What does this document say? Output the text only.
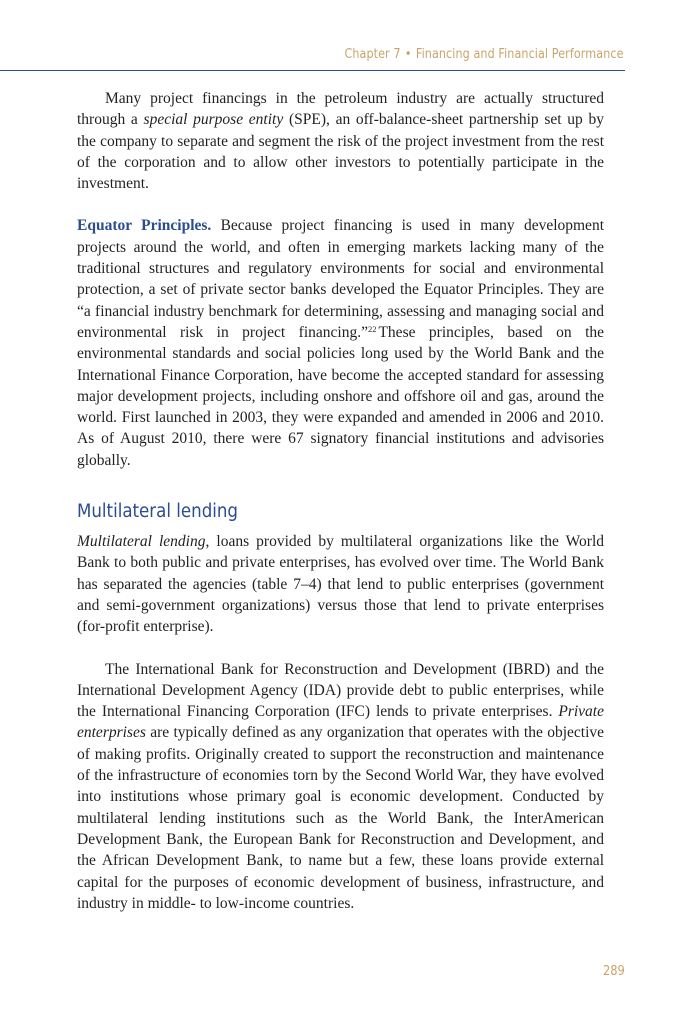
Chapter 7 • Financing and Financial Performance

Many project financings in the petroleum industry are actually structured through a special purpose entity (SPE), an off-balance-sheet partnership set up by the company to separate and segment the risk of the project investment from the rest of the corporation and to allow other investors to potentially participate in the investment.

Equator Principles. Because project financing is used in many development projects around the world, and often in emerging markets lacking many of the traditional structures and regulatory environments for social and environmental protection, a set of private sector banks developed the Equator Principles. They are “a financial industry benchmark for determining, assessing and managing social and environmental risk in project financing.”$^{22}$ These principles, based on the environmental standards and social policies long used by the World Bank and the International Finance Corporation, have become the accepted standard for assessing major development projects, including onshore and offshore oil and gas, around the world. First launched in 2003, they were expanded and amended in 2006 and 2010. As of August 2010, there were 67 signatory financial institutions and advisories globally.

Multilateral lending

Multilateral lending, loans provided by multilateral organizations like the World Bank to both public and private enterprises, has evolved over time. The World Bank has separated the agencies (table 7–4) that lend to public enterprises (government and semi-government organizations) versus those that lend to private enterprises (for-profit enterprise).

The International Bank for Reconstruction and Development (IBRD) and the International Development Agency (IDA) provide debt to public enterprises, while the International Financing Corporation (IFC) lends to private enterprises. Private enterprises are typically defined as any organization that operates with the objective of making profits. Originally created to support the reconstruction and maintenance of the infrastructure of economies torn by the Second World War, they have evolved into institutions whose primary goal is economic development. Conducted by multilateral lending institutions such as the World Bank, the InterAmerican Development Bank, the European Bank for Reconstruction and Development, and the African Development Bank, to name but a few, these loans provide external capital for the purposes of economic development of business, infrastructure, and industry in middle- to low-income countries.

289
